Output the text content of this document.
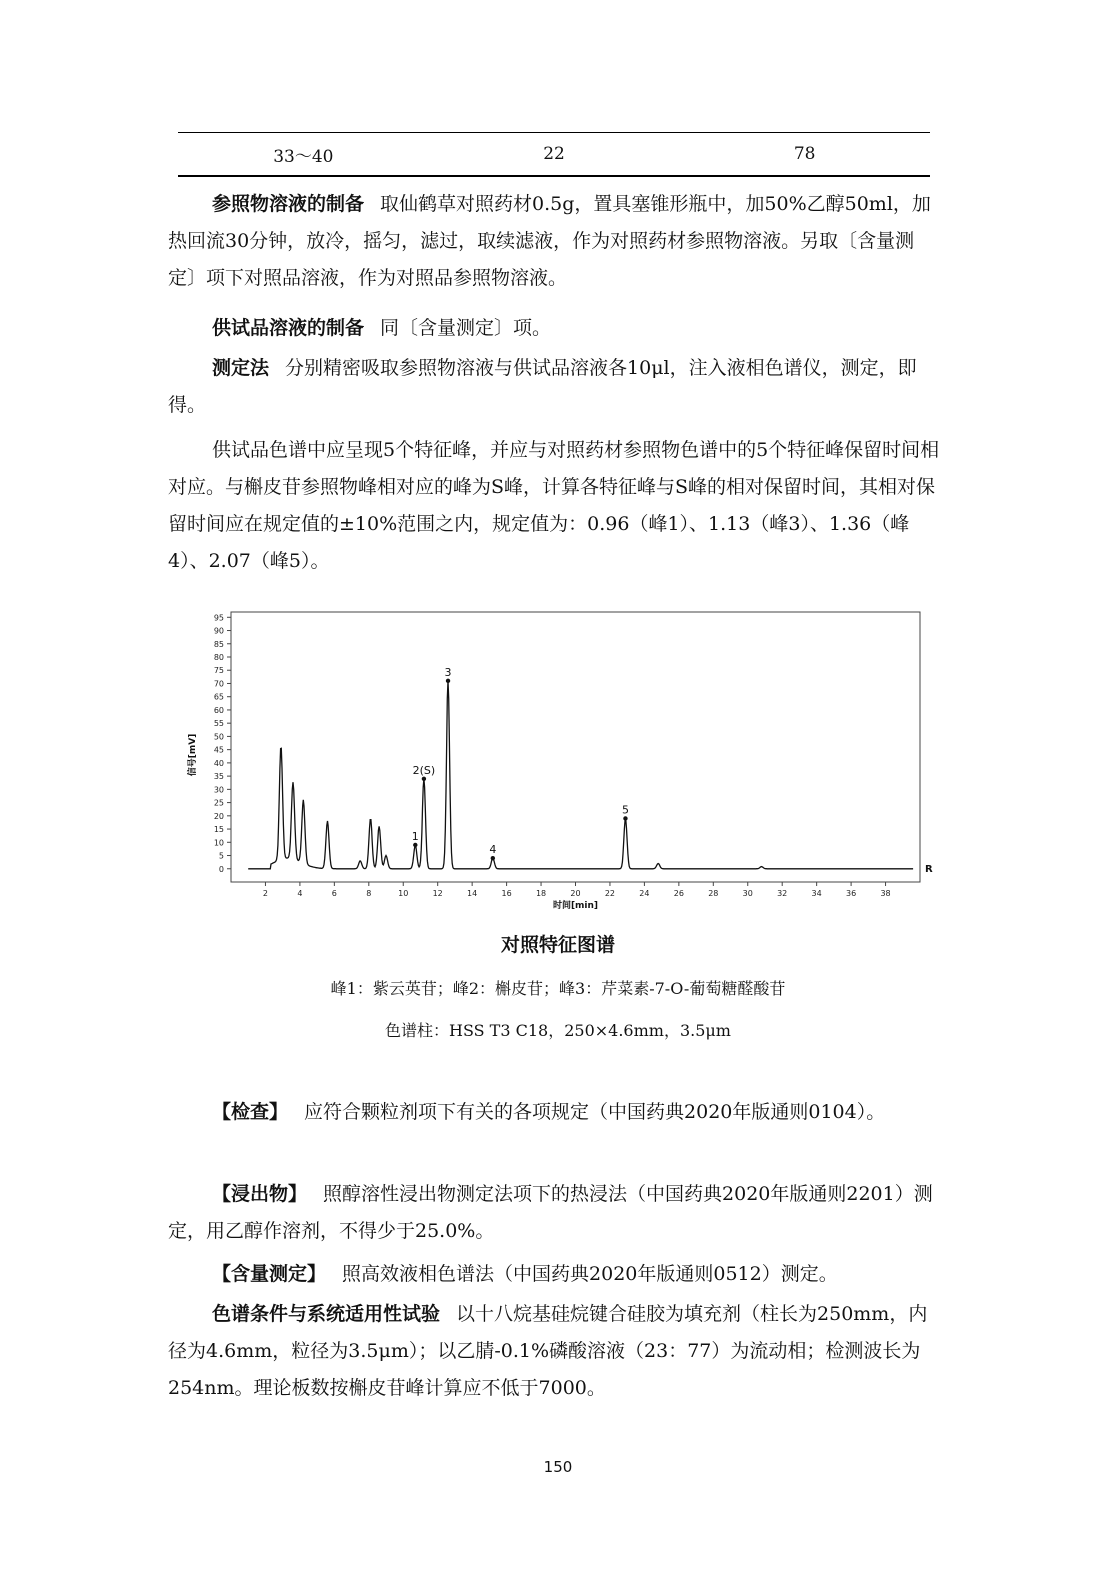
33～40	22	78

参照物溶液的制备 取仙鹤草对照药材0.5g，置具塞锥形瓶中，加50%乙醇50ml，加热回流30分钟，放冷，摇匀，滤过，取续滤液，作为对照药材参照物溶液。另取〔含量测定〕项下对照品溶液，作为对照品参照物溶液。

供试品溶液的制备 同〔含量测定〕项。

测定法 分别精密吸取参照物溶液与供试品溶液各10μl，注入液相色谱仪，测定，即得。

供试品色谱中应呈现5个特征峰，并应与对照药材参照物色谱中的5个特征峰保留时间相对应。与槲皮苷参照物峰相对应的峰为S峰，计算各特征峰与S峰的相对保留时间，其相对保留时间应在规定值的±10%范围之内，规定值为：0.96（峰1）、1.13（峰3）、1.36（峰4）、2.07（峰5）。

0
5
10
15
20
25
30
35
40
45
50
55
60
65
70
75
80
85
90
95
2	4	6	8	10	12	14	16	18	20	22	24	26	28	30	32	34	36	38
时间[min]
信号[mV]
R
1
2(S)
3
4
5
对照特征图谱
峰1：紫云英苷；峰2：槲皮苷；峰3：芹菜素-7-O-葡萄糖醛酸苷
色谱柱：HSS T3 C18，250×4.6mm，3.5μm

【检查】 应符合颗粒剂项下有关的各项规定（中国药典2020年版通则0104）。

【浸出物】 照醇溶性浸出物测定法项下的热浸法（中国药典2020年版通则2201）测定，用乙醇作溶剂，不得少于25.0%。

【含量测定】 照高效液相色谱法（中国药典2020年版通则0512）测定。

色谱条件与系统适用性试验 以十八烷基硅烷键合硅胶为填充剂（柱长为250mm，内径为4.6mm，粒径为3.5μm）；以乙腈-0.1%磷酸溶液（23：77）为流动相；检测波长为254nm。理论板数按槲皮苷峰计算应不低于7000。

150
